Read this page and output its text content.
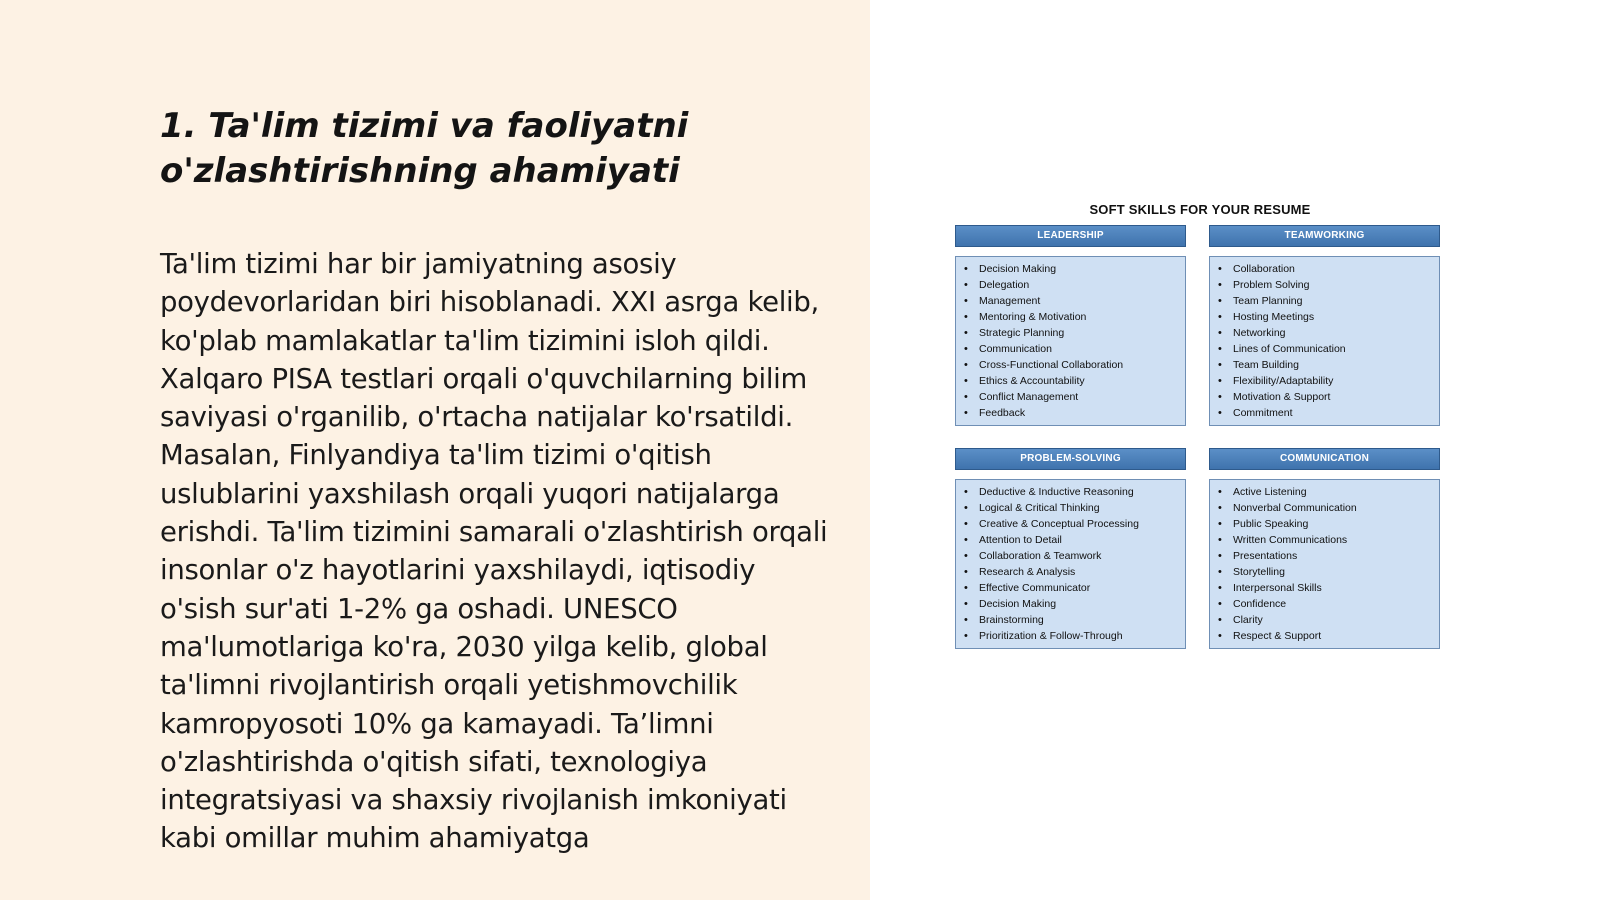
1. Ta'lim tizimi va faoliyatni o'zlashtirishning ahamiyati

Ta'lim tizimi har bir jamiyatning asosiy poydevorlaridan biri hisoblanadi. XXI asrga kelib, ko'plab mamlakatlar ta'lim tizimini isloh qildi. Xalqaro PISA testlari orqali o'quvchilarning bilim saviyasi o'rganilib, o'rtacha natijalar ko'rsatildi. Masalan, Finlyandiya ta'lim tizimi o'qitish uslublarini yaxshilash orqali yuqori natijalarga erishdi. Ta'lim tizimini samarali o'zlashtirish orqali insonlar o'z hayotlarini yaxshilaydi, iqtisodiy o'sish sur'ati 1-2% ga oshadi. UNESCO ma'lumotlariga ko'ra, 2030 yilga kelib, global ta'limni rivojlantirish orqali yetishmovchilik kamropyosoti 10% ga kamayadi. Ta’limni o'zlashtirishda o'qitish sifati, texnologiya integratsiyasi va shaxsiy rivojlanish imkoniyati kabi omillar muhim ahamiyatga

SOFT SKILLS FOR YOUR RESUME
LEADERSHIP
• Decision Making
• Delegation
• Management
• Mentoring & Motivation
• Strategic Planning
• Communication
• Cross-Functional Collaboration
• Ethics & Accountability
• Conflict Management
• Feedback
TEAMWORKING
• Collaboration
• Problem Solving
• Team Planning
• Hosting Meetings
• Networking
• Lines of Communication
• Team Building
• Flexibility/Adaptability
• Motivation & Support
• Commitment
PROBLEM-SOLVING
• Deductive & Inductive Reasoning
• Logical & Critical Thinking
• Creative & Conceptual Processing
• Attention to Detail
• Collaboration & Teamwork
• Research & Analysis
• Effective Communicator
• Decision Making
• Brainstorming
• Prioritization & Follow-Through
COMMUNICATION
• Active Listening
• Nonverbal Communication
• Public Speaking
• Written Communications
• Presentations
• Storytelling
• Interpersonal Skills
• Confidence
• Clarity
• Respect & Support
